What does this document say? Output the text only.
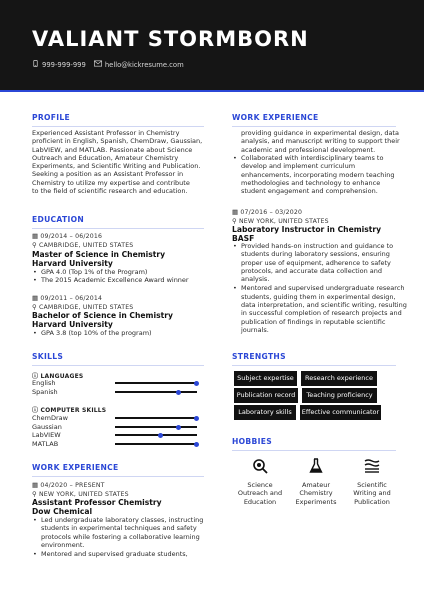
VALIANT STORMBORN
999-999-999	hello@kickresume.com
PROFILE
Experienced Assistant Professor in Chemistry
proficient in English, Spanish, ChemDraw, Gaussian,
LabVIEW, and MATLAB. Passionate about Science
Outreach and Education, Amateur Chemistry
Experiments, and Scientific Writing and Publication.
Seeking a position as an Assistant Professor in
Chemistry to utilize my expertise and contribute
to the field of scientific research and education.
EDUCATION
▦ 09/2014 – 06/2016
⚲ CAMBRIDGE, UNITED STATES
Master of Science in Chemistry
Harvard University
• GPA 4.0 (Top 1% of the Program)
• The 2015 Academic Excellence Award winner
▦ 09/2011 – 06/2014
⚲ CAMBRIDGE, UNITED STATES
Bachelor of Science in Chemistry
Harvard University
• GPA 3.8 (top 10% of the program)
SKILLS
ⓘ LANGUAGES
English
Spanish
ⓘ COMPUTER SKILLS
ChemDraw
Gaussian
LabVIEW
MATLAB
WORK EXPERIENCE
▦ 04/2020 – PRESENT
⚲ NEW YORK, UNITED STATES
Assistant Professor Chemistry
Dow Chemical
• Led undergraduate laboratory classes, instructing
students in experimental techniques and safety
protocols while fostering a collaborative learning
environment.
• Mentored and supervised graduate students,
WORK EXPERIENCE
providing guidance in experimental design, data
analysis, and manuscript writing to support their
academic and professional development.
• Collaborated with interdisciplinary teams to
develop and implement curriculum
enhancements, incorporating modern teaching
methodologies and technology to enhance
student engagement and comprehension.
▦ 07/2016 – 03/2020
⚲ NEW YORK, UNITED STATES
Laboratory Instructor in Chemistry
BASF
• Provided hands-on instruction and guidance to
students during laboratory sessions, ensuring
proper use of equipment, adherence to safety
protocols, and accurate data collection and
analysis.
• Mentored and supervised undergraduate research
students, guiding them in experimental design,
data interpretation, and scientific writing, resulting
in successful completion of research projects and
publication of findings in reputable scientific
journals.
STRENGTHS
Subject expertise	Research experience
Publication record	Teaching proficiency
Laboratory skills	Effective communicator
HOBBIES
Science
Outreach and
Education
Amateur
Chemistry
Experiments
Scientific
Writing and
Publication
